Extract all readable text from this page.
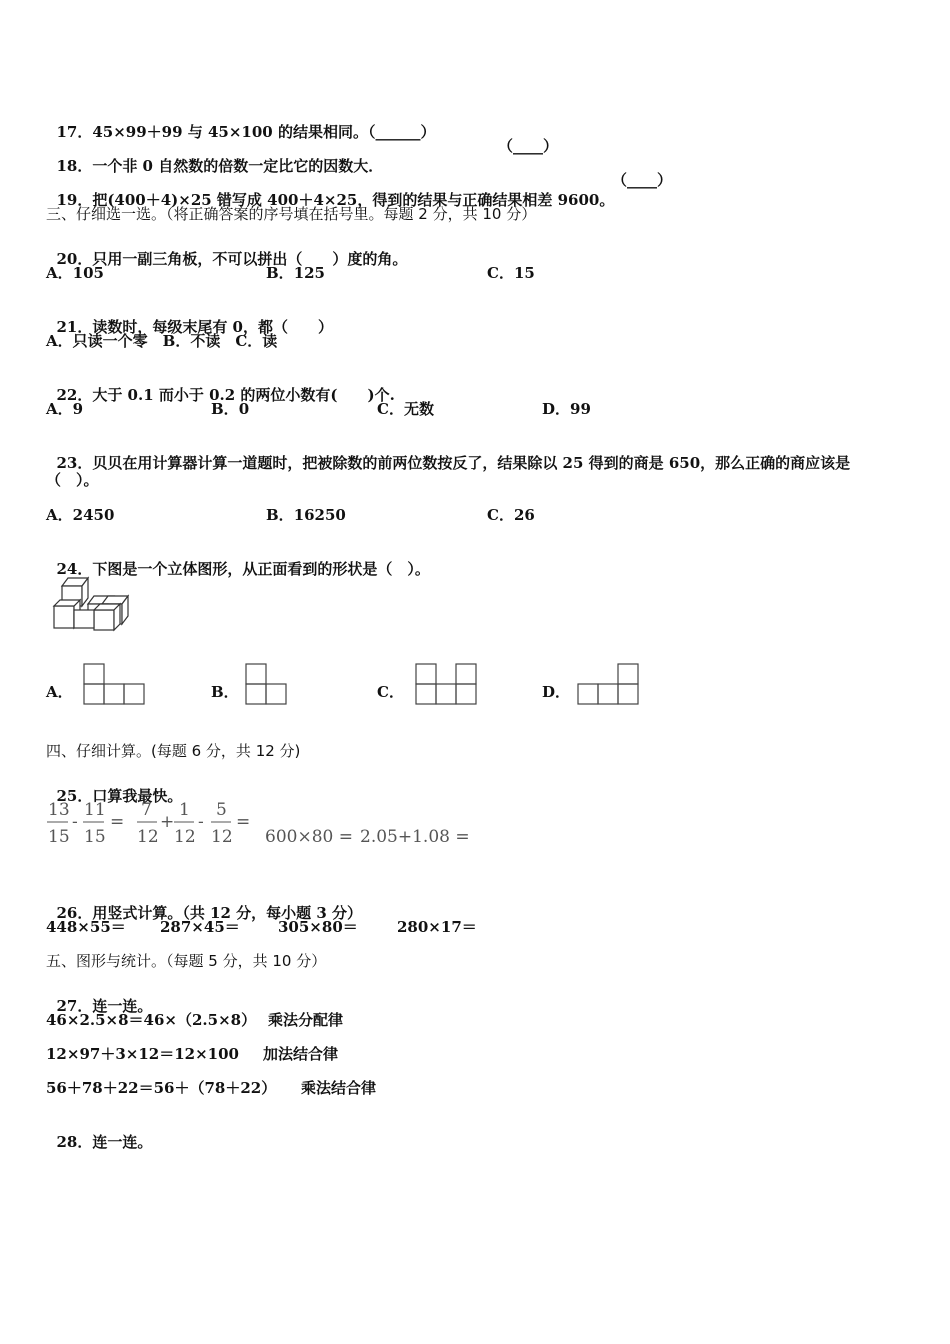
17．45×99＋99 与 45×100 的结果相同。（______）

18．一个非 0 自然数的倍数一定比它的因数大．

（____）

19．把(400＋4)×25 错写成 400＋4×25，得到的结果与正确结果相差 9600。

（____）
三、仔细选一选。（将正确答案的序号填在括号里。每题 2 分，共 10 分）

20．只用一副三角板，不可以拼出（　　）度的角。

A．105	B．125	C．15

21．读数时，每级末尾有 0，都（　　）

A．只读一个零　B．不读　C．读

22．大于 0.1 而小于 0.2 的两位小数有(　　)个.

A．9	B．0	C．无数	D．99

23．贝贝在用计算器计算一道题时，把被除数的前两位数按反了，结果除以 25 得到的商是 650，那么正确的商应该是

（　）。
A．2450	B．16250	C．26

24．下图是一个立体图形，从正面看到的形状是（　）。

A．	B．	C．	D．
四、仔细计算。(每题 6 分，共 12 分)

25．口算我最快。

13
15
-
11
15
=
7
12
+
1
12
-
5
12
=
600×80 = 2.05+1.08 =

26．用竖式计算。（共 12 分，每小题 3 分）

448×55＝ 287×45＝	305×80＝	280×17＝
五、图形与统计。（每题 5 分，共 10 分）

27．连一连。

46×2.5×8＝46×（2.5×8） 乘法分配律
12×97＋3×12＝12×100 加法结合律
56＋78＋22＝56＋（78＋22） 乘法结合律

28．连一连。
